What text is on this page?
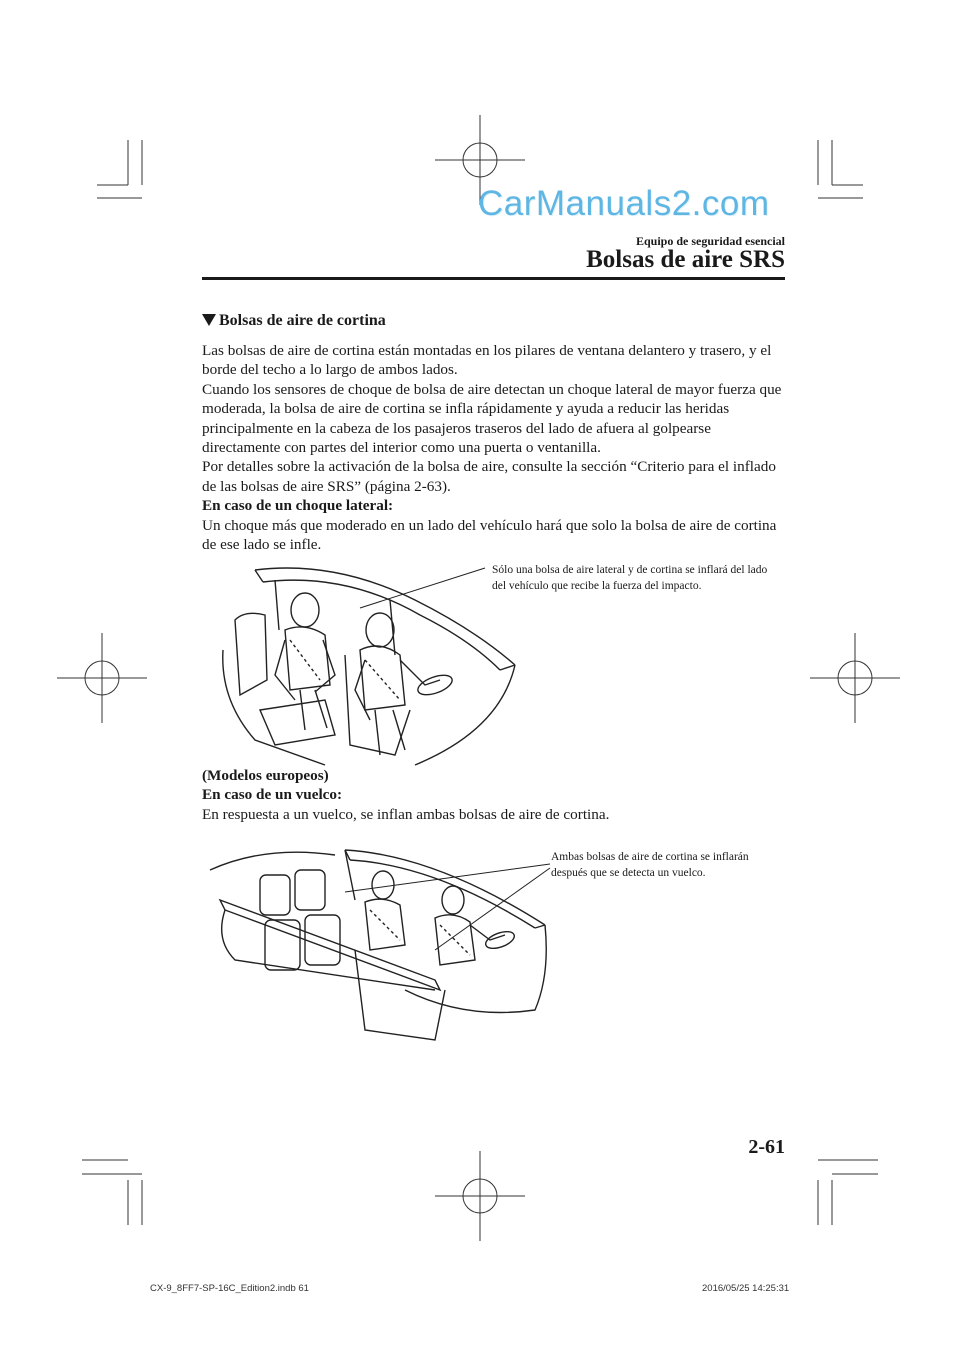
CarManuals2.com
Equipo de seguridad esencial
Bolsas de aire SRS
Bolsas de aire de cortina

Las bolsas de aire de cortina están montadas en los pilares de ventana delantero y trasero, y el borde del techo a lo largo de ambos lados.

Cuando los sensores de choque de bolsa de aire detectan un choque lateral de mayor fuerza que moderada, la bolsa de aire de cortina se infla rápidamente y ayuda a reducir las heridas principalmente en la cabeza de los pasajeros traseros del lado de afuera al golpearse directamente con partes del interior como una puerta o ventanilla.

Por detalles sobre la activación de la bolsa de aire, consulte la sección “Criterio para el inflado de las bolsas de aire SRS” (página 2-63).

En caso de un choque lateral:

Un choque más que moderado en un lado del vehículo hará que solo la bolsa de aire de cortina de ese lado se infle.

Sólo una bolsa de aire lateral y de cortina se inflará del lado del vehículo que recibe la fuerza del impacto.

(Modelos europeos)

En caso de un vuelco:

En respuesta a un vuelco, se inflan ambas bolsas de aire de cortina.

Ambas bolsas de aire de cortina se inflarán después que se detecta un vuelco.
2-61
CX-9_8FF7-SP-16C_Edition2.indb 61	2016/05/25 14:25:31
